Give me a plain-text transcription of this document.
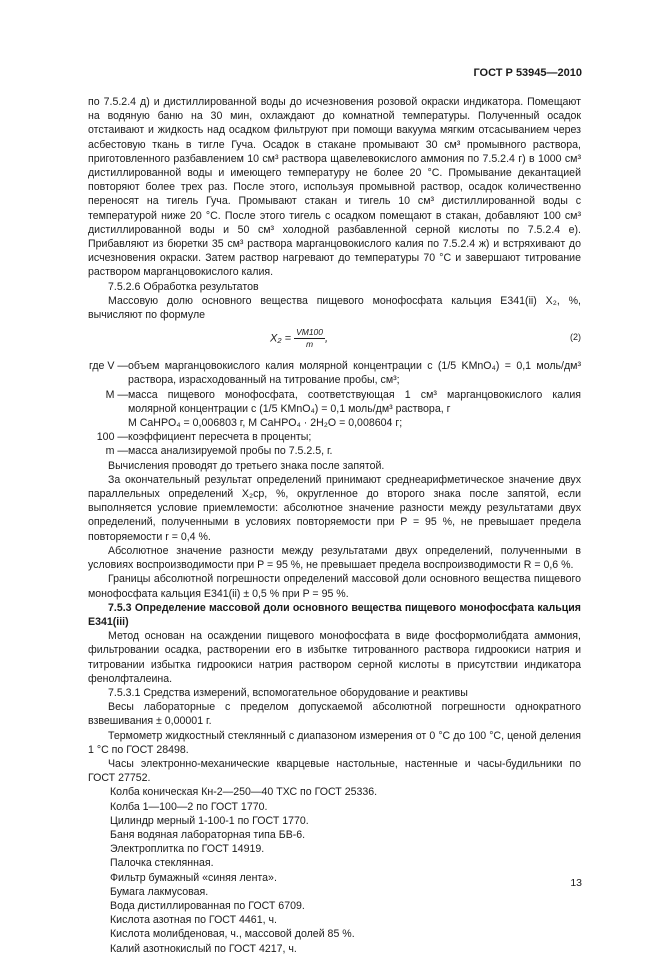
ГОСТ Р 53945—2010

по 7.5.2.4 д) и дистиллированной воды до исчезновения розовой окраски индикатора. Помещают на водяную баню на 30 мин, охлаждают до комнатной температуры. Полученный осадок отстаивают и жидкость над осадком фильтруют при помощи вакуума мягким отсасыванием через асбестовую ткань в тигле Гуча. Осадок в стакане промывают 30 см³ промывного раствора, приготовленного разбавлением 10 см³ раствора щавелевокислого аммония по 7.5.2.4 г) в 1000 см³ дистиллированной воды и имеющего температуру не более 20 °C. Промывание декантацией повторяют более трех раз. После этого, используя промывной раствор, осадок количественно переносят на тигель Гуча. Промывают стакан и тигель 10 см³ дистиллированной воды с температурой ниже 20 °C. После этого тигель с осадком помещают в стакан, добавляют 100 см³ дистиллированной воды и 50 см³ холодной разбавленной серной кислоты по 7.5.2.4 е). Прибавляют из бюретки 35 см³ раствора марганцовокислого калия по 7.5.2.4 ж) и встряхивают до исчезновения окраски. Затем раствор нагревают до температуры 70 °C и завершают титрование раствором марганцовокислого калия.

7.5.2.6 Обработка результатов

Массовую долю основного вещества пищевого монофосфата кальция E341(ii) X₂, %, вычисляют по формуле

$X_2 = \frac{VM100}{m}$ ,	(2)
где V — объем марганцовокислого калия молярной концентрации c (1/5 KMnO₄) = 0,1 моль/дм³ раствора, израсходованный на титрование пробы, см³;
M — масса пищевого монофосфата, соответствующая 1 см³ марганцовокислого калия молярной концентрации c (1/5 KMnO₄) = 0,1 моль/дм³ раствора, г
M CaHPO₄ = 0,006803 г, M CaHPO₄ · 2H₂O = 0,008604 г;
100 — коэффициент пересчета в проценты;
m — масса анализируемой пробы по 7.5.2.5, г.

Вычисления проводят до третьего знака после запятой.

За окончательный результат определений принимают среднеарифметическое значение двух параллельных определений X₂ср, %, округленное до второго знака после запятой, если выполняется условие приемлемости: абсолютное значение разности между результатами двух определений, полученными в условиях повторяемости при P = 95 %, не превышает предела повторяемости r = 0,4 %.

Абсолютное значение разности между результатами двух определений, полученными в условиях воспроизводимости при P = 95 %, не превышает предела воспроизводимости R = 0,6 %.

Границы абсолютной погрешности определений массовой доли основного вещества пищевого монофосфата кальция E341(ii) ± 0,5 % при P = 95 %.

7.5.3 Определение массовой доли основного вещества пищевого монофосфата кальция E341(iii)

Метод основан на осаждении пищевого монофосфата в виде фосформолибдата аммония, фильтровании осадка, растворении его в избытке титрованного раствора гидроокиси натрия и титровании избытка гидроокиси натрия раствором серной кислоты в присутствии индикатора фенолфталеина.

7.5.3.1 Средства измерений, вспомогательное оборудование и реактивы

Весы лабораторные с пределом допускаемой абсолютной погрешности однократного взвешивания ± 0,00001 г.

Термометр жидкостный стеклянный с диапазоном измерения от 0 °C до 100 °C, ценой деления 1 °C по ГОСТ 28498.

Часы электронно-механические кварцевые настольные, настенные и часы-будильники по ГОСТ 27752.

Колба коническая Кн-2—250—40 ТХС по ГОСТ 25336.
Колба 1—100—2 по ГОСТ 1770.
Цилиндр мерный 1-100-1 по ГОСТ 1770.
Баня водяная лабораторная типа БВ-6.
Электроплитка по ГОСТ 14919.
Палочка стеклянная.
Фильтр бумажный «синяя лента».
Бумага лакмусовая.
Вода дистиллированная по ГОСТ 6709.
Кислота азотная по ГОСТ 4461, ч.
Кислота молибденовая, ч., массовой долей 85 %.
Калий азотнокислый по ГОСТ 4217, ч.
13
